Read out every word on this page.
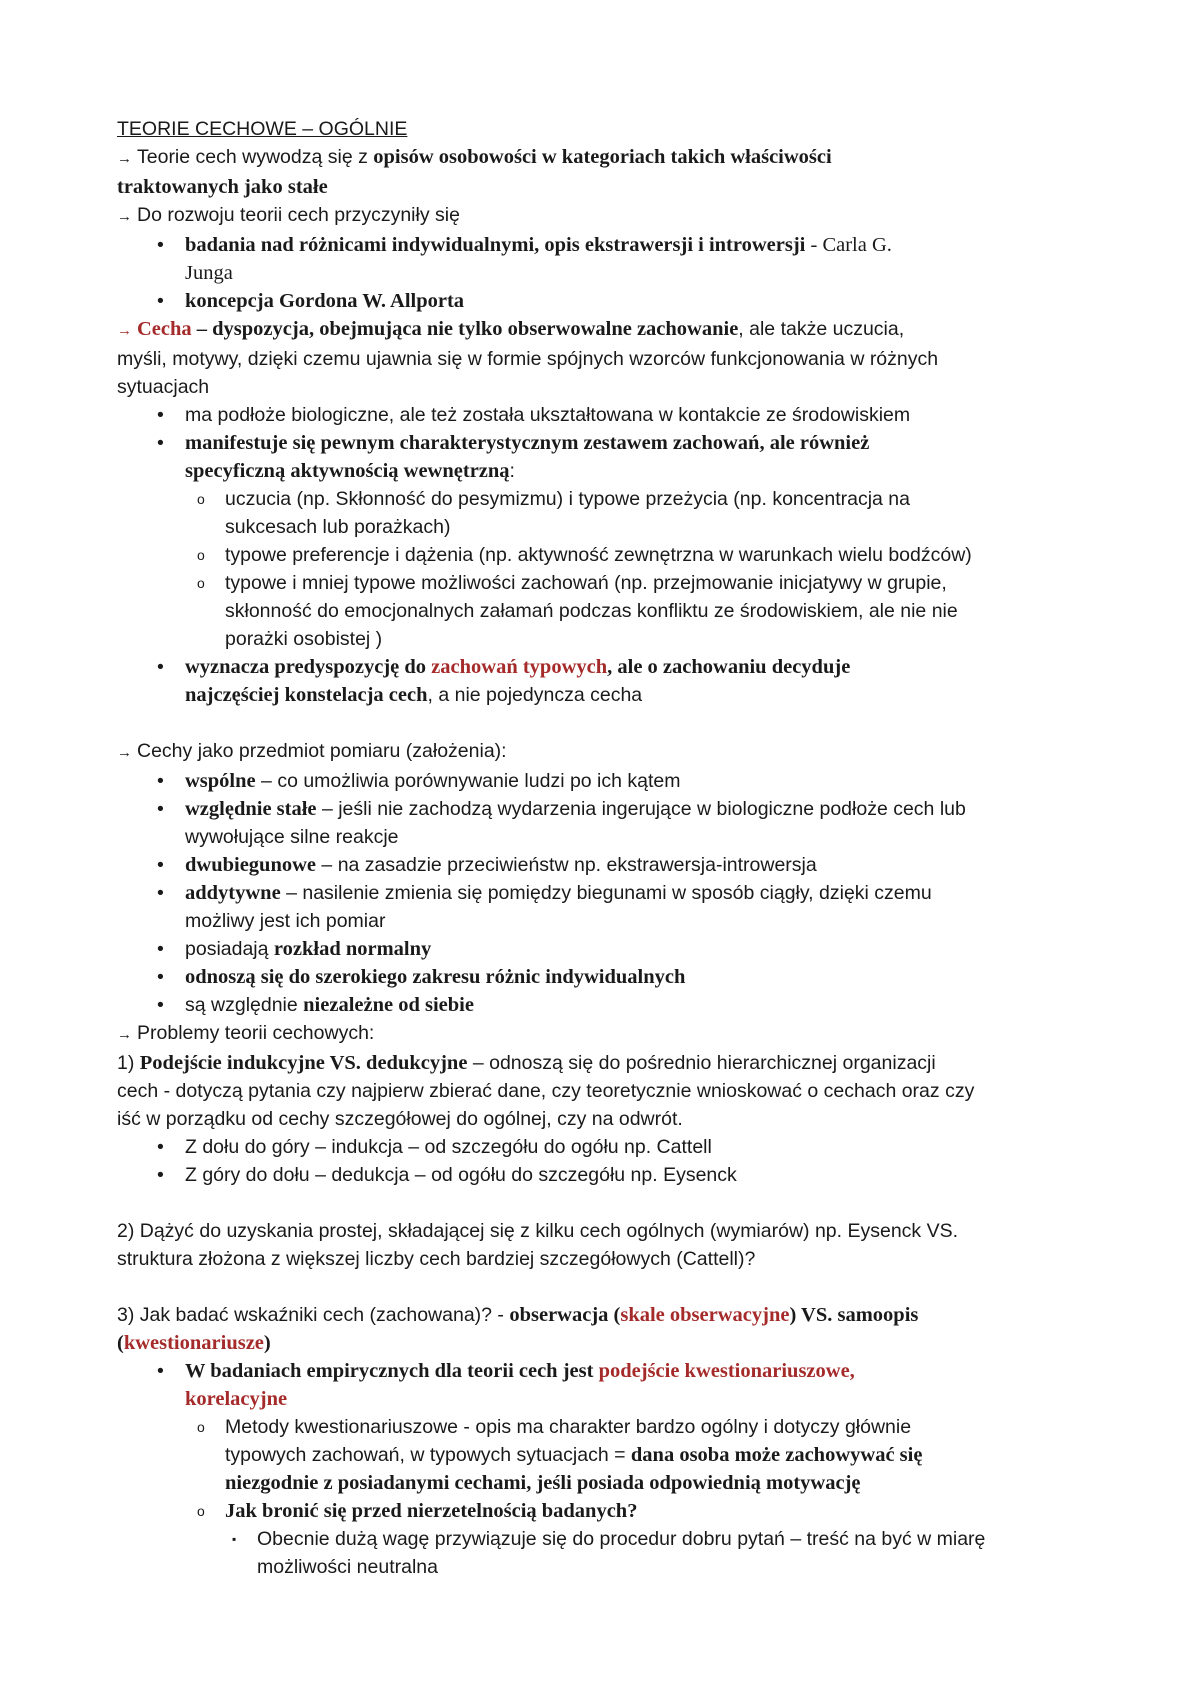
TEORIE CECHOWE – OGÓLNIE
→ Teorie cech wywodzą się z opisów osobowości w kategoriach takich właściwości
traktowanych jako stałe
→ Do rozwoju teorii cech przyczyniły się
• badania nad różnicami indywidualnymi, opis ekstrawersji i introwersji - Carla G.
Junga
• koncepcja Gordona W. Allporta
→ Cecha – dyspozycja, obejmująca nie tylko obserwowalne zachowanie, ale także uczucia,
myśli, motywy, dzięki czemu ujawnia się w formie spójnych wzorców funkcjonowania w różnych
sytuacjach
• ma podłoże biologiczne, ale też została ukształtowana w kontakcie ze środowiskiem
• manifestuje się pewnym charakterystycznym zestawem zachowań, ale również
specyficzną aktywnością wewnętrzną:
o uczucia (np. Skłonność do pesymizmu) i typowe przeżycia (np. koncentracja na
sukcesach lub porażkach)
o typowe preferencje i dążenia (np. aktywność zewnętrzna w warunkach wielu bodźców)
o typowe i mniej typowe możliwości zachowań (np. przejmowanie inicjatywy w grupie,
skłonność do emocjonalnych załamań podczas konfliktu ze środowiskiem, ale nie nie
porażki osobistej )
• wyznacza predyspozycję do zachowań typowych, ale o zachowaniu decyduje
najczęściej konstelacja cech, a nie pojedyncza cecha
→ Cechy jako przedmiot pomiaru (założenia):
• wspólne – co umożliwia porównywanie ludzi po ich kątem
• względnie stałe – jeśli nie zachodzą wydarzenia ingerujące w biologiczne podłoże cech lub
wywołujące silne reakcje
• dwubiegunowe – na zasadzie przeciwieństw np. ekstrawersja-introwersja
• addytywne – nasilenie zmienia się pomiędzy biegunami w sposób ciągły, dzięki czemu
możliwy jest ich pomiar
• posiadają rozkład normalny
• odnoszą się do szerokiego zakresu różnic indywidualnych
• są względnie niezależne od siebie
→ Problemy teorii cechowych:
1) Podejście indukcyjne VS. dedukcyjne – odnoszą się do pośrednio hierarchicznej organizacji
cech - dotyczą pytania czy najpierw zbierać dane, czy teoretycznie wnioskować o cechach oraz czy
iść w porządku od cechy szczegółowej do ogólnej, czy na odwrót.
• Z dołu do góry – indukcja – od szczegółu do ogółu np. Cattell
• Z góry do dołu – dedukcja – od ogółu do szczegółu np. Eysenck
2) Dążyć do uzyskania prostej, składającej się z kilku cech ogólnych (wymiarów) np. Eysenck VS.
struktura złożona z większej liczby cech bardziej szczegółowych (Cattell)?
3) Jak badać wskaźniki cech (zachowana)? - obserwacja (skale obserwacyjne) VS. samoopis
(kwestionariusze)
• W badaniach empirycznych dla teorii cech jest podejście kwestionariuszowe,
korelacyjne
o Metody kwestionariuszowe - opis ma charakter bardzo ogólny i dotyczy głównie
typowych zachowań, w typowych sytuacjach = dana osoba może zachowywać się
niezgodnie z posiadanymi cechami, jeśli posiada odpowiednią motywację
o Jak bronić się przed nierzetelnością badanych?
▪ Obecnie dużą wagę przywiązuje się do procedur dobru pytań – treść na być w miarę
możliwości neutralna
